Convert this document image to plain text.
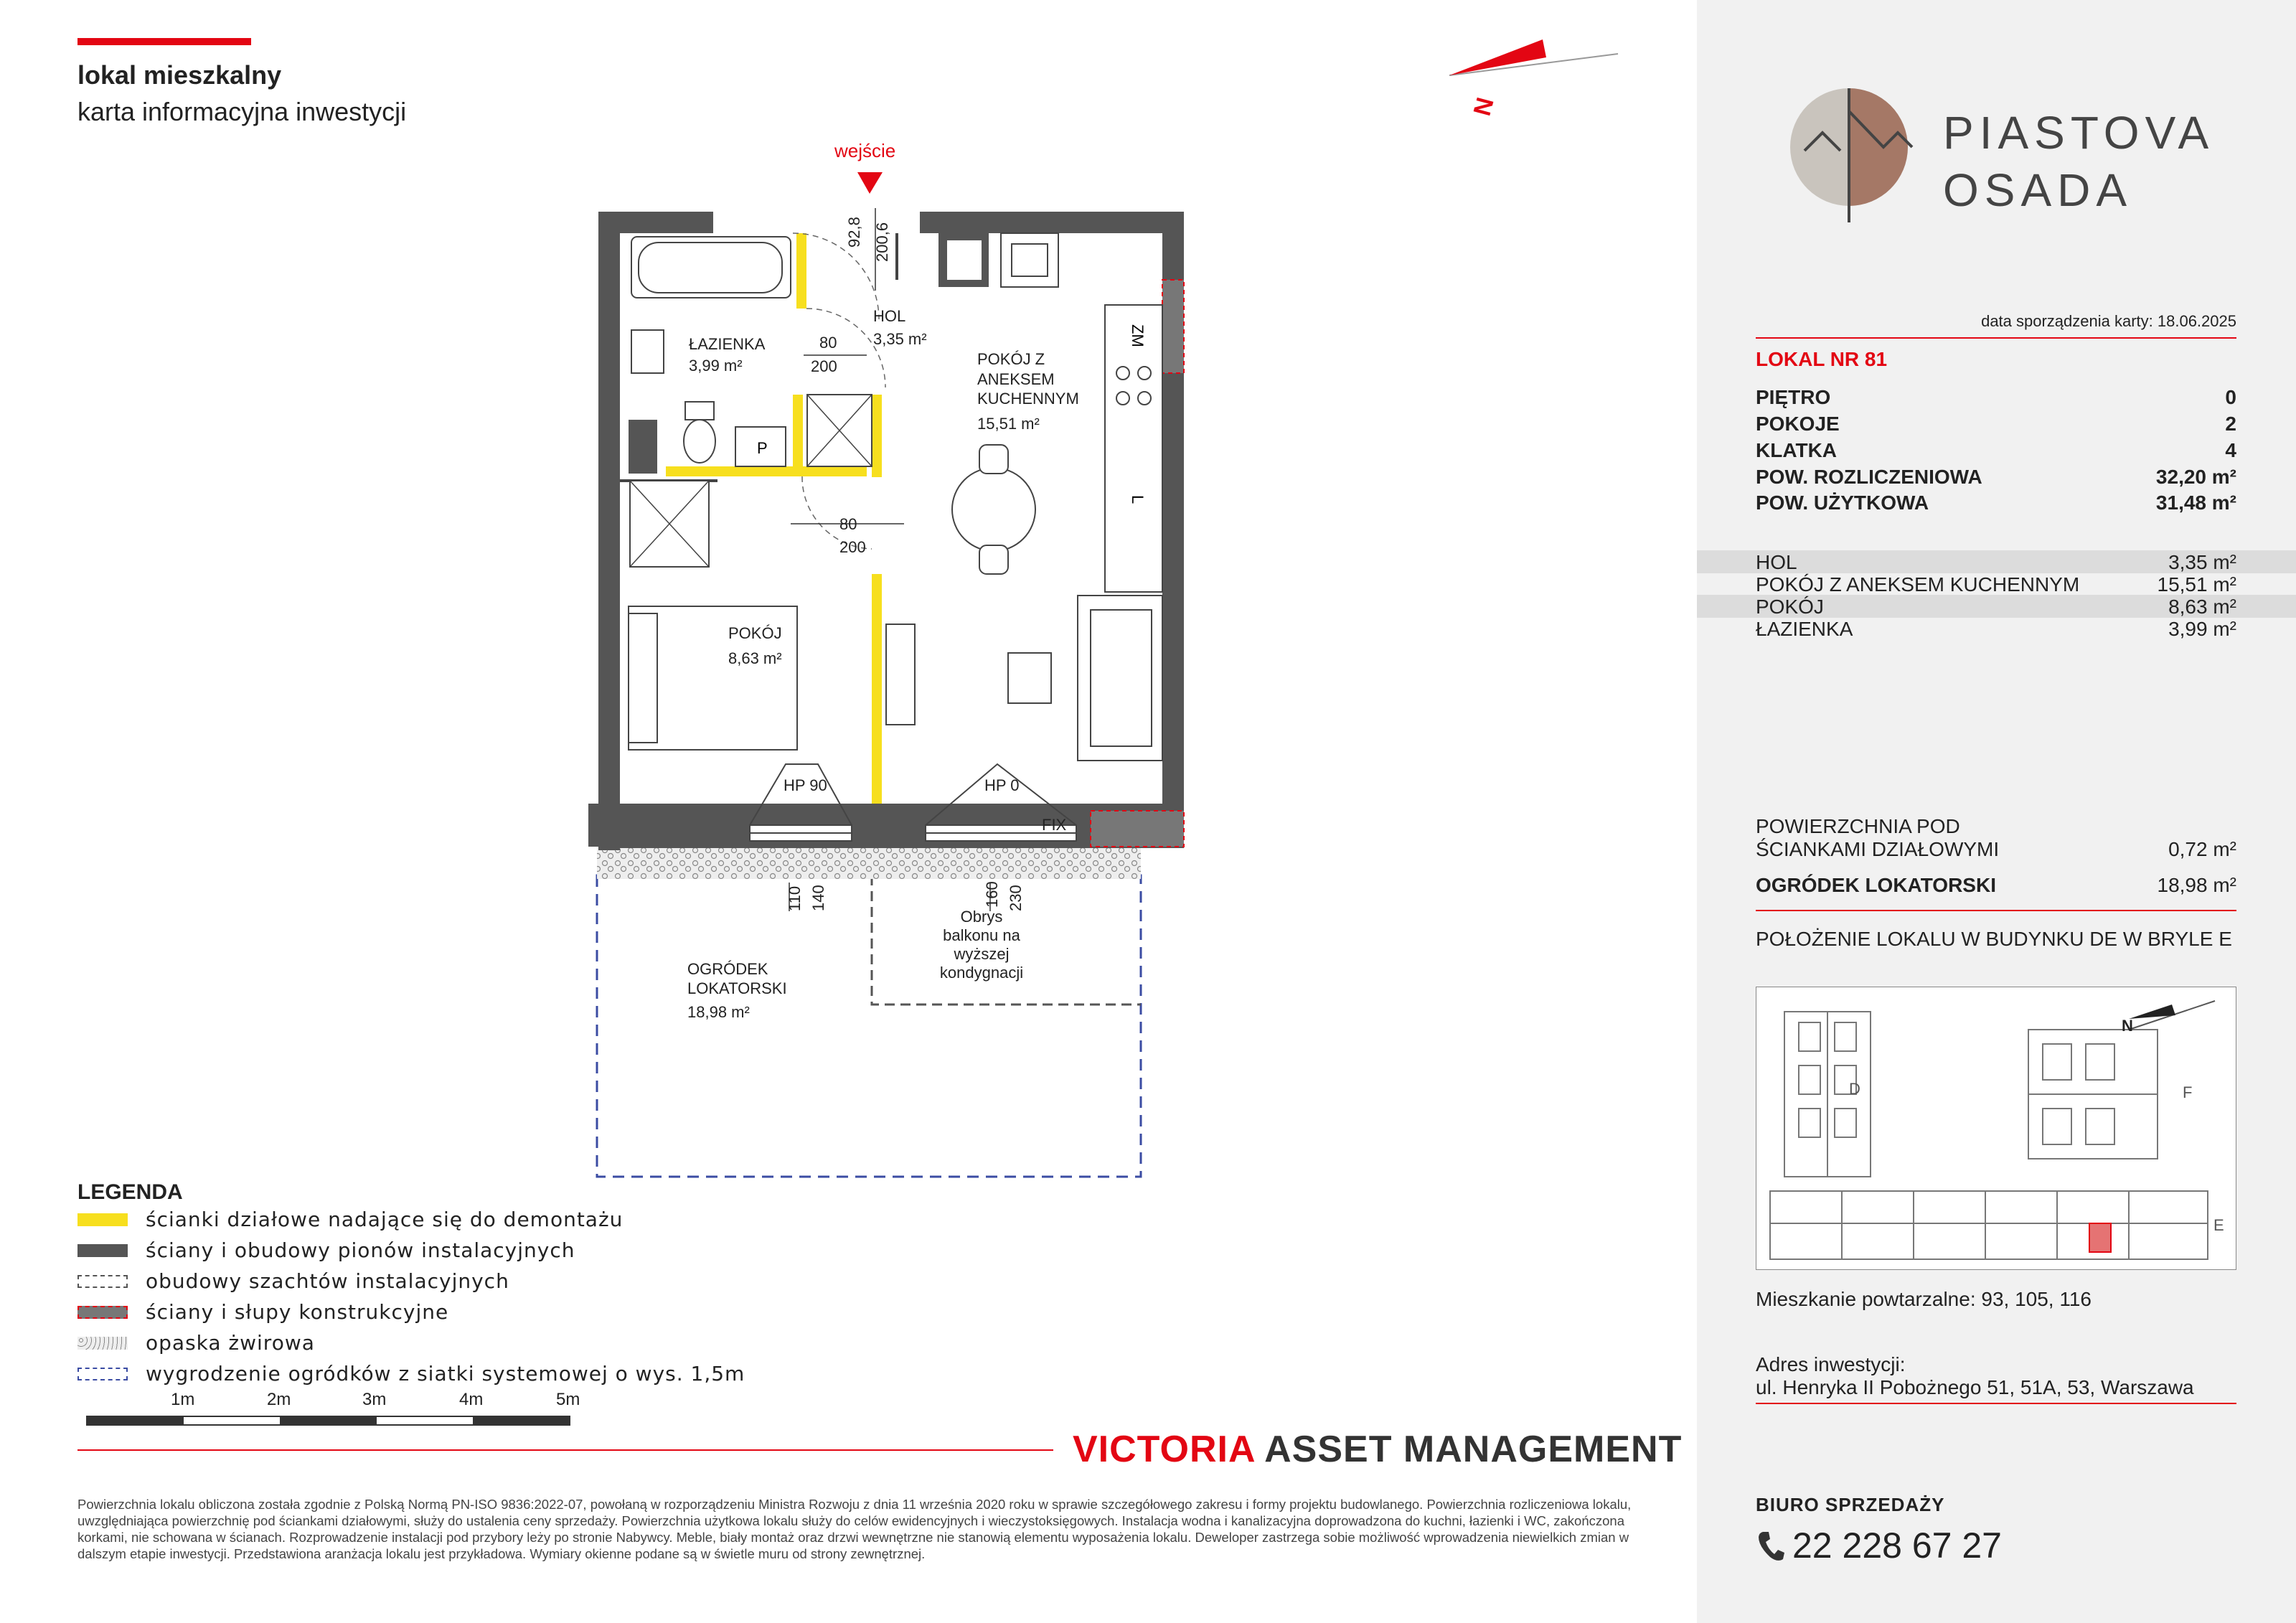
lokal mieszkalny
karta informacyjna inwestycji	N
P
ZM
L
wejście
92,8 200,6
ŁAZIENKA
3,99 m²
80
200
HOL
3,35 m²
POKÓJ Z
ANEKSEM
KUCHENNYM
15,51 m²
80
200
POKÓJ
8,63 m²
HP 90	HP 0
FIX
110 140	160 230
Obrys
balkonu na
wyższej
kondygnacji
OGRÓDEK
LOKATORSKI
18,98 m²
LEGENDA
ścianki działowe nadające się do demontażu
ściany i obudowy pionów instalacyjnych
obudowy szachtów instalacyjnych
ściany i słupy konstrukcyjne
opaska żwirowa
wygrodzenie ogródków z siatki systemowej o wys. 1,5m
1m	2m	3m	4m	5m
VICTORIA ASSET MANAGEMENT
Powierzchnia lokalu obliczona została zgodnie z Polską Normą PN-ISO 9836:2022-07, powołaną w rozporządzeniu Ministra Rozwoju z dnia 11 września 2020 roku w sprawie szczegółowego zakresu i formy projektu budowlanego. Powierzchnia rozliczeniowa lokalu, uwzględniająca powierzchnię pod ściankami działowymi, służy do ustalenia ceny sprzedaży. Powierzchnia użytkowa lokalu służy do celów ewidencyjnych i wieczystoksięgowych. Instalacja wodna i kanalizacyjna doprowadzona do kuchni, łazienki i WC, zakończona korkami, nie schowana w ścianach. Rozprowadzenie instalacji pod przybory leży po stronie Nabywcy. Meble, biały montaż oraz drzwi wewnętrzne nie stanowią elementu wyposażenia lokalu. Deweloper zastrzega sobie możliwość wprowadzenia niewielkich zmian w dalszym etapie inwestycji. Przedstawiona aranżacja lokalu jest przykładowa. Wymiary okienne podane są w świetle muru od strony zewnętrznej.
PIASTOVA
OSADA
data sporządzenia karty: 18.06.2025
LOKAL NR 81
PIĘTRO	0
POKOJE	2
KLATKA	4
POW. ROZLICZENIOWA	32,20 m²
POW. UŻYTKOWA	31,48 m²
HOL	3,35 m²
POKÓJ Z ANEKSEM KUCHENNYM	15,51 m²
POKÓJ	8,63 m²
ŁAZIENKA	3,99 m²
POWIERZCHNIA POD
ŚCIANKAMI DZIAŁOWYMI	0,72 m²
OGRÓDEK LOKATORSKI	18,98 m²
POŁOŻENIE LOKALU W BUDYNKU DE W BRYLE E
D	F
E
N
Mieszkanie powtarzalne: 93, 105, 116
Adres inwestycji:
ul. Henryka II Pobożnego 51, 51A, 53, Warszawa
BIURO SPRZEDAŻY
22 228 67 27
